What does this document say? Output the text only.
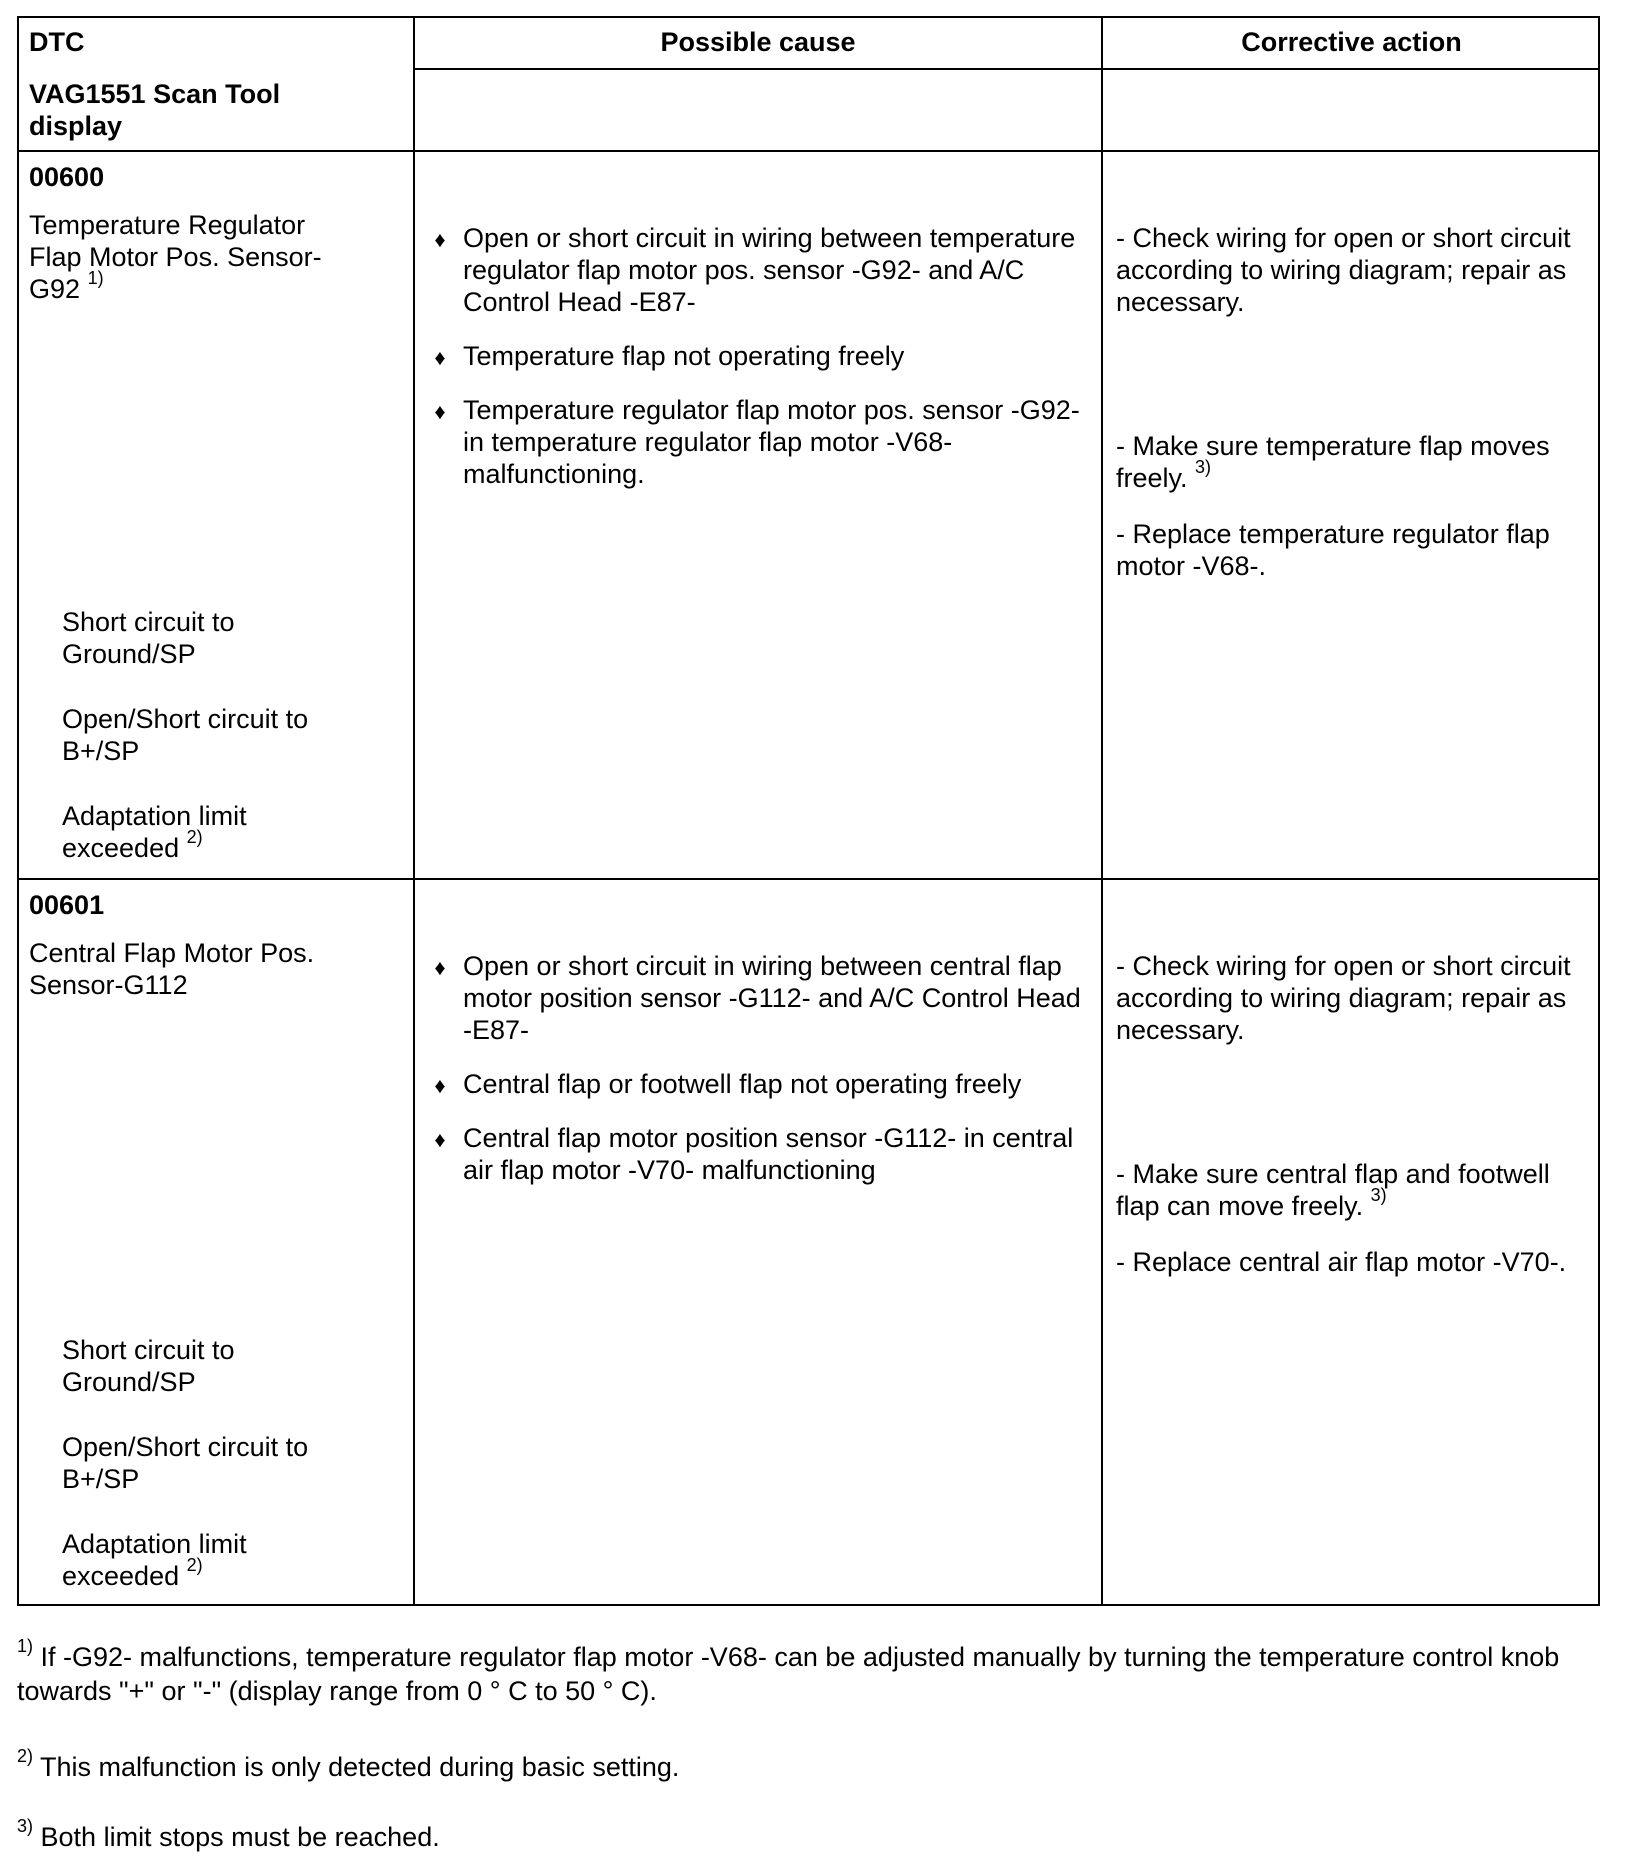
DTC	Possible cause	Corrective action
VAG1551 Scan Tool display
00600
Temperature Regulator Flap Motor Pos. Sensor-G92 $^{1)}$
Short circuit to Ground/SP
Open/Short circuit to B+/SP
Adaptation limit exceeded $^{2)}$
♦ Open or short circuit in wiring between temperature regulator flap motor pos. sensor -G92- and A/C Control Head -E87-
♦ Temperature flap not operating freely
♦ Temperature regulator flap motor pos. sensor -G92- in temperature regulator flap motor -V68- malfunctioning.
- Check wiring for open or short circuit according to wiring diagram; repair as necessary.
- Make sure temperature flap moves freely. $^{3)}$
- Replace temperature regulator flap motor -V68-.
00601
Central Flap Motor Pos. Sensor-G112
Short circuit to Ground/SP
Open/Short circuit to B+/SP
Adaptation limit exceeded $^{2)}$
♦ Open or short circuit in wiring between central flap motor position sensor -G112- and A/C Control Head -E87-
♦ Central flap or footwell flap not operating freely
♦ Central flap motor position sensor -G112- in central air flap motor -V70- malfunctioning
- Check wiring for open or short circuit according to wiring diagram; repair as necessary.
- Make sure central flap and footwell flap can move freely. $^{3)}$
- Replace central air flap motor -V70-.
$^{1)}$ If -G92- malfunctions, temperature regulator flap motor -V68- can be adjusted manually by turning the temperature control knob towards "+" or "-" (display range from 0 ° C to 50 ° C).
$^{2)}$ This malfunction is only detected during basic setting.
$^{3)}$ Both limit stops must be reached.
